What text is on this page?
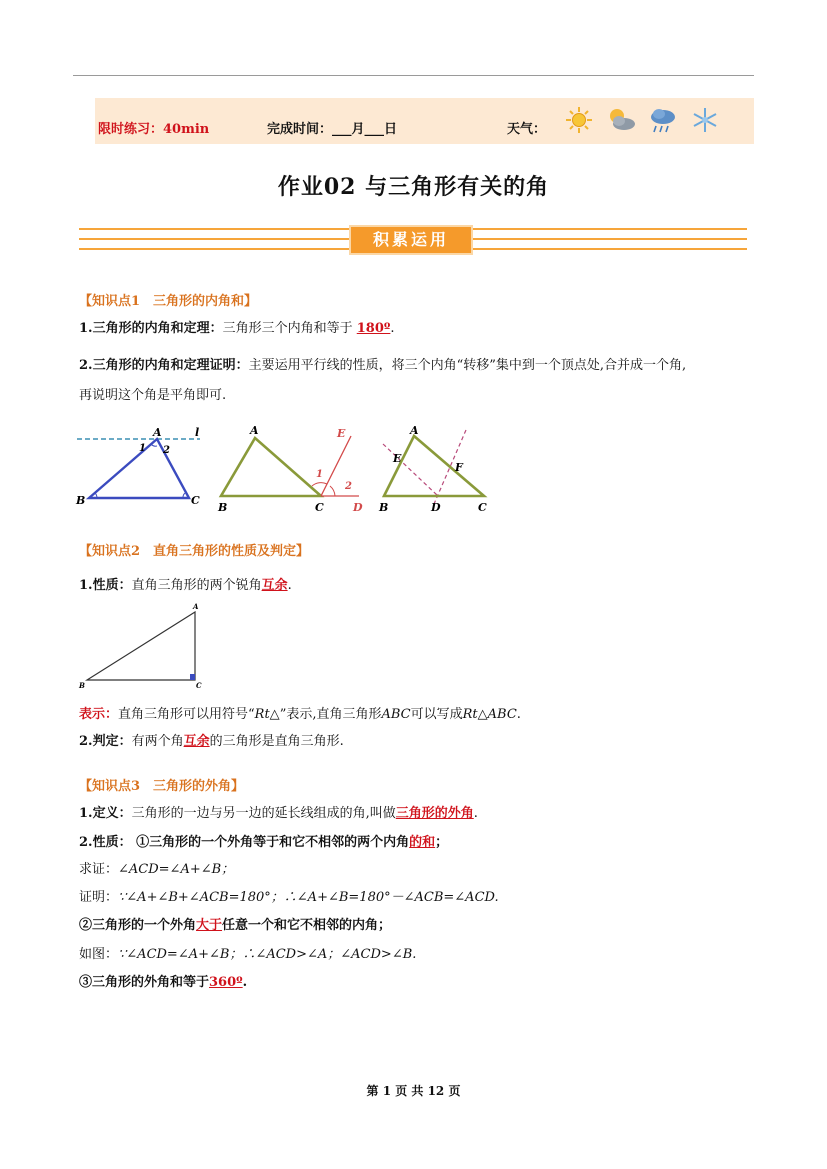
限时练习：40min	完成时间：___月___日	天气：
作业02 与三角形有关的角
积累运用
【知识点1　三角形的内角和】
1.三角形的内角和定理：三角形三个内角和等于 180º.
2.三角形的内角和定理证明：主要运用平行线的性质，将三个内角“转移”集中到一个顶点处,合并成一个角,
再说明这个角是平角即可.
A	l
1 2
B	C
A	E
1
2
B	C	D
A
E
F
B	D	C
【知识点2　直角三角形的性质及判定】
1.性质：直角三角形的两个锐角互余.
A
B	C
表示：直角三角形可以用符号“Rt△”表示,直角三角形ABC可以写成Rt△ABC.
2.判定：有两个角互余的三角形是直角三角形.
【知识点3　三角形的外角】
1.定义：三角形的一边与另一边的延长线组成的角,叫做三角形的外角.
2.性质： ①三角形的一个外角等于和它不相邻的两个内角的和；
求证：∠ACD=∠A+∠B；
证明：∵∠A+∠B+∠ACB=180°；∴∠A+∠B=180°－∠ACB=∠ACD.
②三角形的一个外角大于任意一个和它不相邻的内角；
如图：∵∠ACD=∠A+∠B；∴∠ACD>∠A；∠ACD>∠B.
③三角形的外角和等于360º.
第 1 页 共 12 页
